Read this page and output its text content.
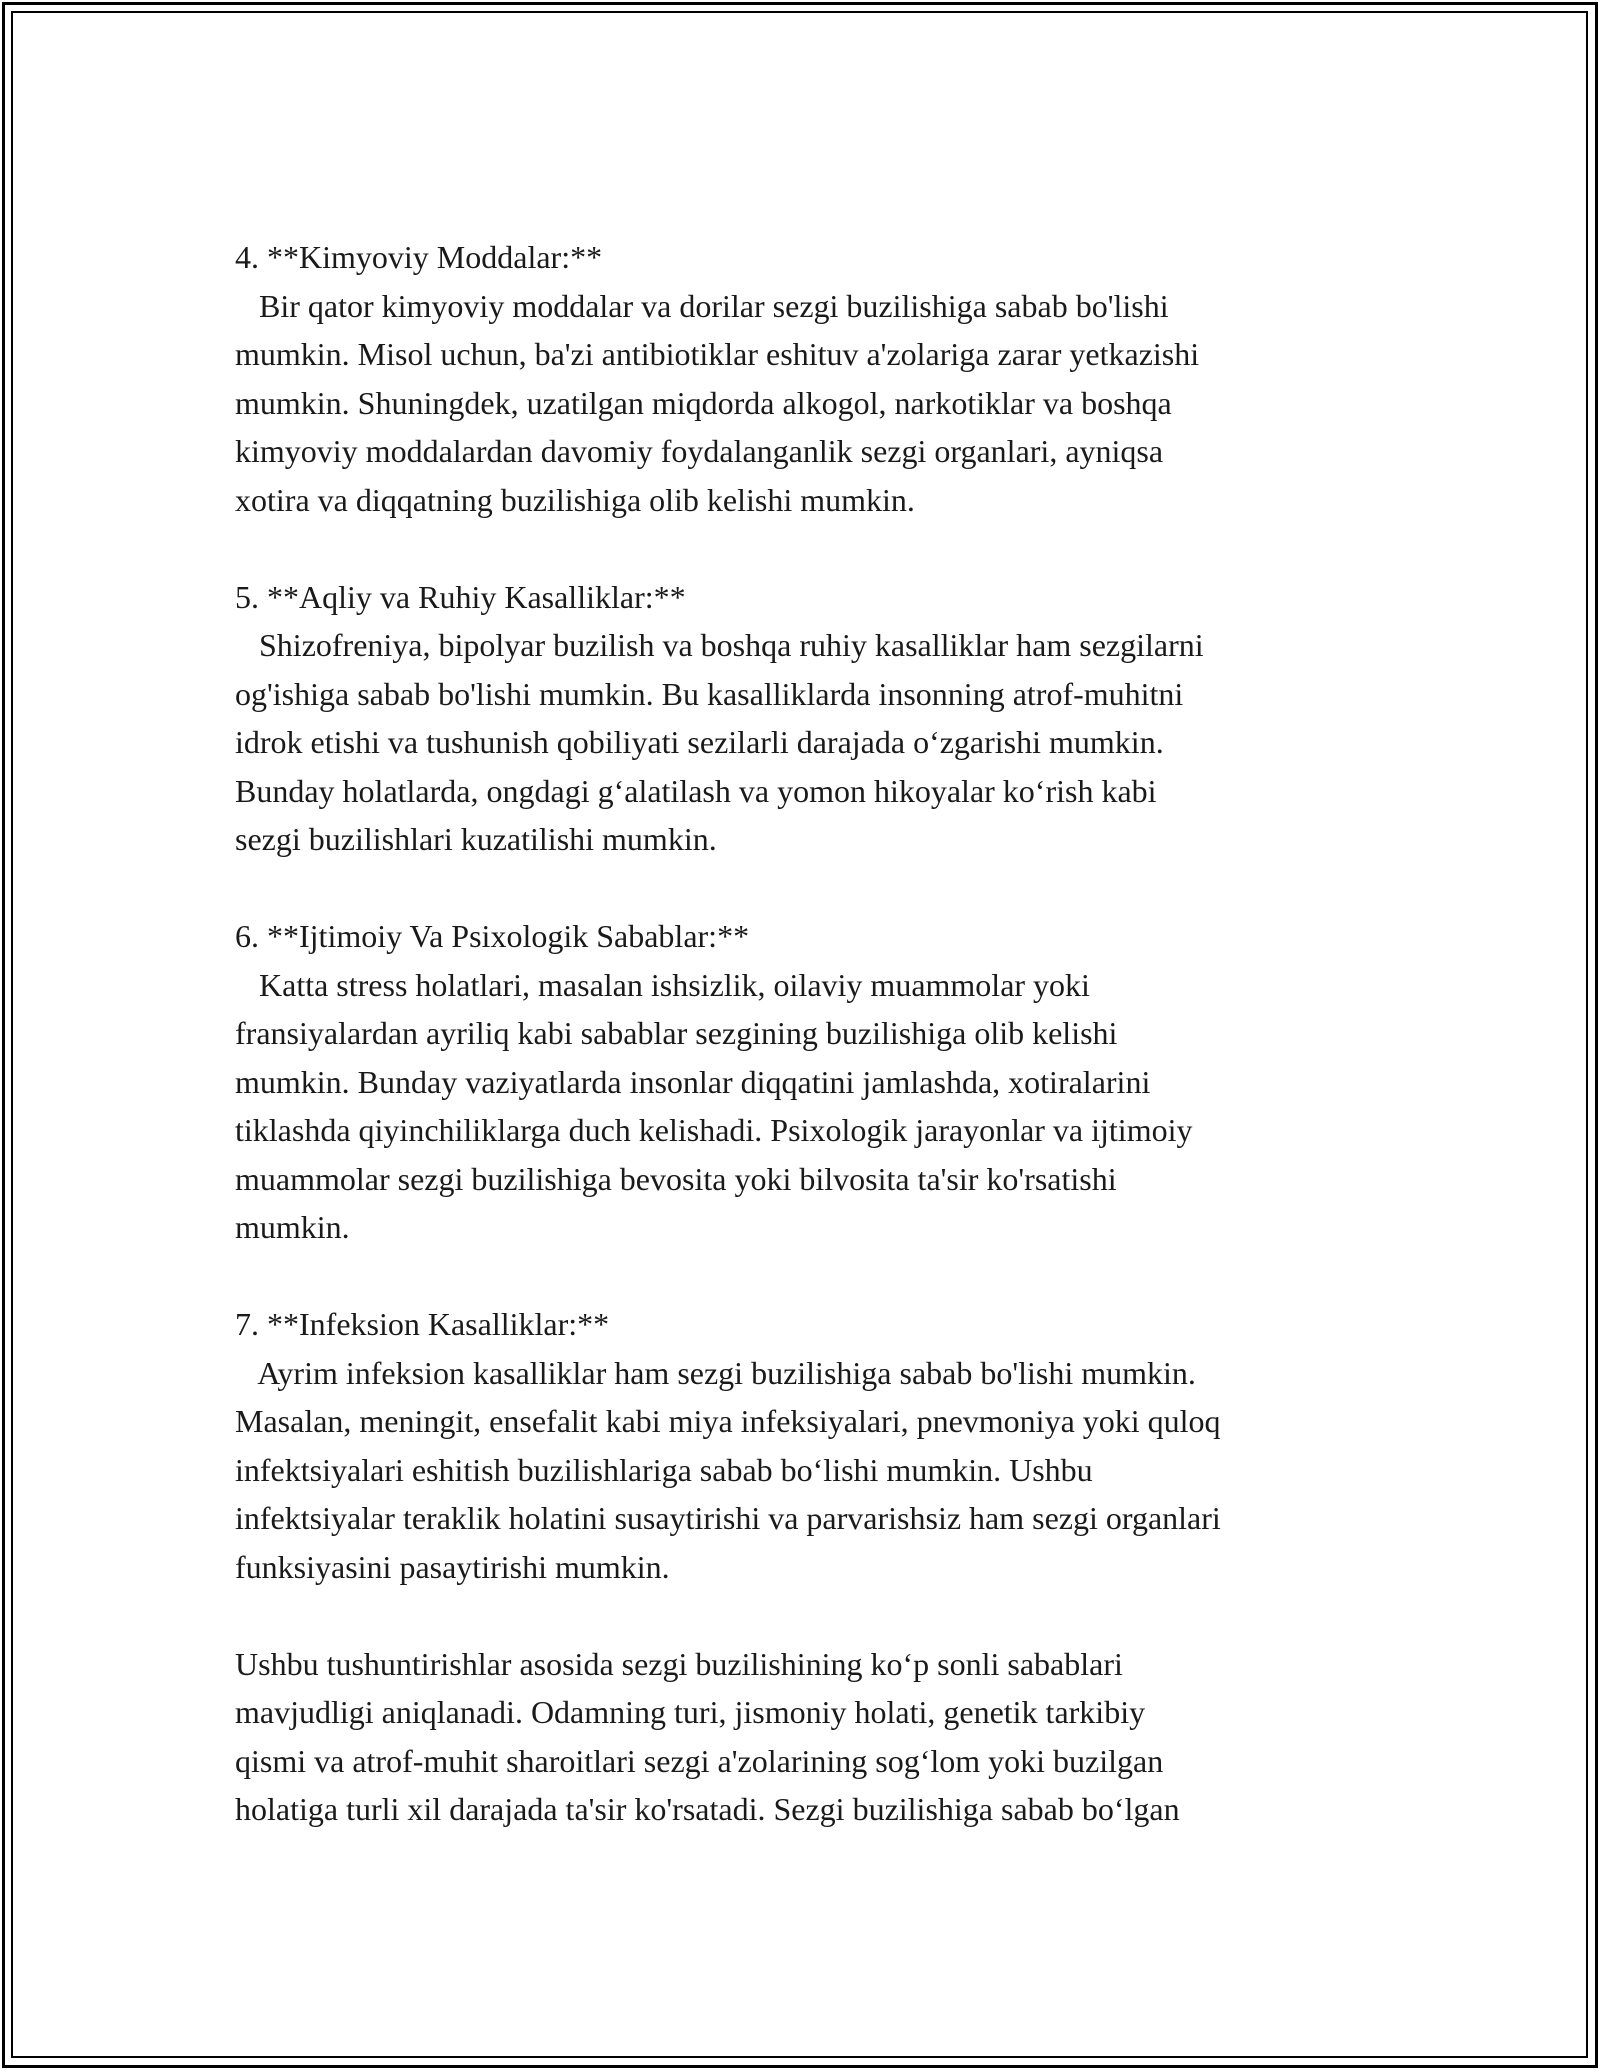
4. **Kimyoviy Moddalar:**
Bir qator kimyoviy moddalar va dorilar sezgi buzilishiga sabab bo'lishi
mumkin. Misol uchun, ba'zi antibiotiklar eshituv a'zolariga zarar yetkazishi
mumkin. Shuningdek, uzatilgan miqdorda alkogol, narkotiklar va boshqa
kimyoviy moddalardan davomiy foydalanganlik sezgi organlari, ayniqsa
xotira va diqqatning buzilishiga olib kelishi mumkin.
5. **Aqliy va Ruhiy Kasalliklar:**
Shizofreniya, bipolyar buzilish va boshqa ruhiy kasalliklar ham sezgilarni
og'ishiga sabab bo'lishi mumkin. Bu kasalliklarda insonning atrof-muhitni
idrok etishi va tushunish qobiliyati sezilarli darajada o‘zgarishi mumkin.
Bunday holatlarda, ongdagi g‘alatilash va yomon hikoyalar ko‘rish kabi
sezgi buzilishlari kuzatilishi mumkin.
6. **Ijtimoiy Va Psixologik Sabablar:**
Katta stress holatlari, masalan ishsizlik, oilaviy muammolar yoki
fransiyalardan ayriliq kabi sabablar sezgining buzilishiga olib kelishi
mumkin. Bunday vaziyatlarda insonlar diqqatini jamlashda, xotiralarini
tiklashda qiyinchiliklarga duch kelishadi. Psixologik jarayonlar va ijtimoiy
muammolar sezgi buzilishiga bevosita yoki bilvosita ta'sir ko'rsatishi
mumkin.
7. **Infeksion Kasalliklar:**
Ayrim infeksion kasalliklar ham sezgi buzilishiga sabab bo'lishi mumkin.
Masalan, meningit, ensefalit kabi miya infeksiyalari, pnevmoniya yoki quloq
infektsiyalari eshitish buzilishlariga sabab bo‘lishi mumkin. Ushbu
infektsiyalar teraklik holatini susaytirishi va parvarishsiz ham sezgi organlari
funksiyasini pasaytirishi mumkin.
Ushbu tushuntirishlar asosida sezgi buzilishining ko‘p sonli sabablari
mavjudligi aniqlanadi. Odamning turi, jismoniy holati, genetik tarkibiy
qismi va atrof-muhit sharoitlari sezgi a'zolarining sog‘lom yoki buzilgan
holatiga turli xil darajada ta'sir ko'rsatadi. Sezgi buzilishiga sabab bo‘lgan
